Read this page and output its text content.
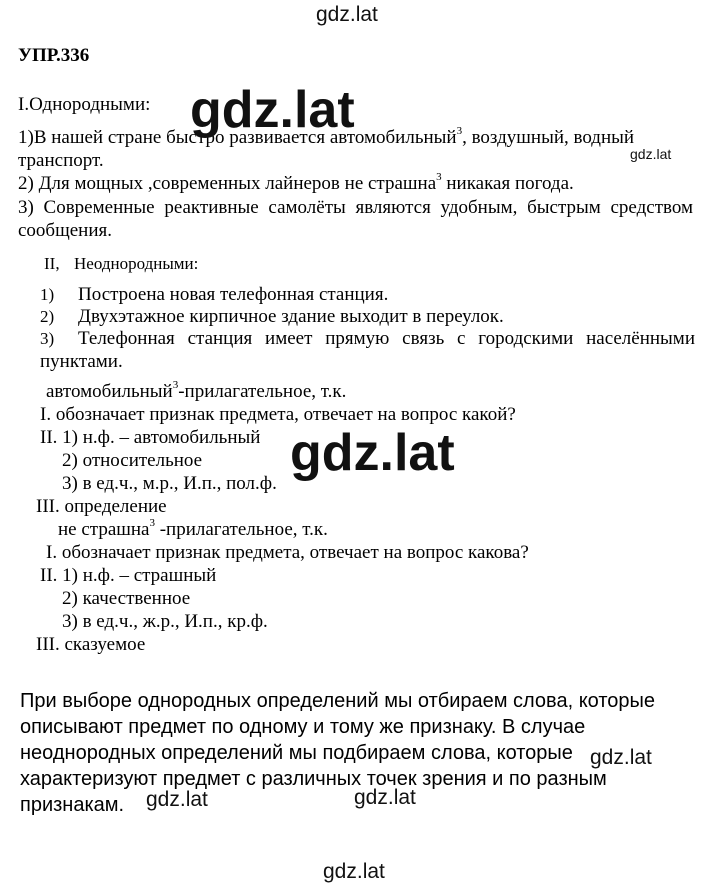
УПР.336
I.Однородными:
1)В нашей стране быстро развивается автомобильный$^3$, воздушный, водный
транспорт.
2) Для мощных ,современных лайнеров не страшна$^3$ никакая погода.
3) Современные реактивные самолёты являются удобным, быстрым средством сообщения.
II, Неоднородными:
1) Построена новая телефонная станция.
2) Двухэтажное кирпичное здание выходит в переулок.
3) Телефонная станция имеет прямую связь с городскими населёнными пунктами.
автомобильный$^3$-прилагательное, т.к.
I. обозначает признак предмета, отвечает на вопрос какой?
II. 1) н.ф. – автомобильный
2) относительное
3) в ед.ч., м.р., И.п., пол.ф.
III. определение
не страшна$^3$ -прилагательное, т.к.
I. обозначает признак предмета, отвечает на вопрос какова?
II. 1) н.ф. – страшный
2) качественное
3) в ед.ч., ж.р., И.п., кр.ф.
III. сказуемое
При выборе однородных определений мы отбираем слова, которые
описывают предмет по одному и тому же признаку. В случае
неоднородных определений мы подбираем слова, которые
характеризуют предмет с различных точек зрения и по разным
признакам.
gdz.lat
gdz.lat
gdz.lat
gdz.lat
gdz.lat
gdz.lat	gdz.lat
gdz.lat
